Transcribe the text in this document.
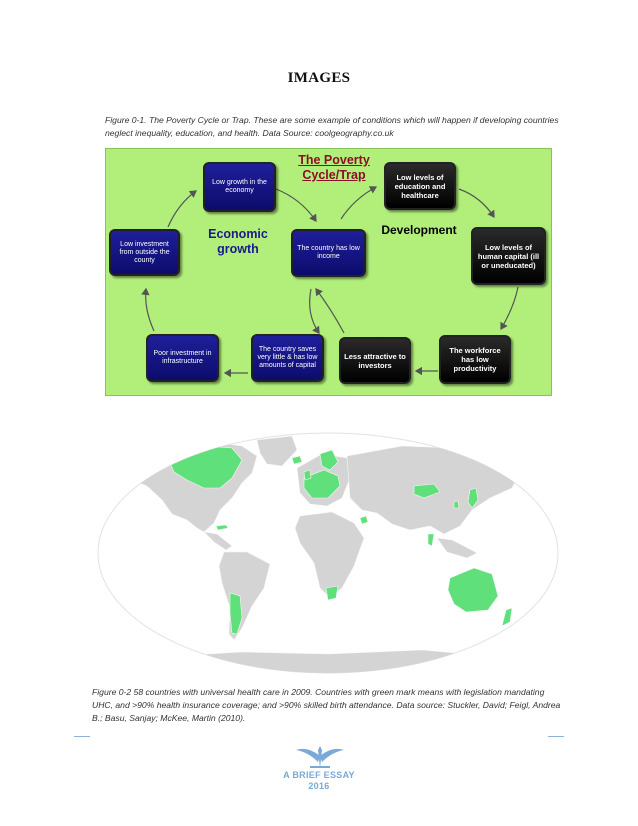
IMAGES
Figure 0-1. The Poverty Cycle or Trap. These are some example of conditions which will happen if developing countries neglect inequality, education, and health. Data Source: coolgeography.co.uk
The Poverty
Cycle/Trap
Economic
growth
Development
Low growth in the economy
The country has low income
Low investment from outside the county
Poor investment in infrastructure
The country saves very little & has low amounts of capital
Less attractive to investors
Low levels of education and healthcare
Low levels of human capital (ill or uneducated)
The workforce has low productivity
Figure 0-2 58 countries with universal health care in 2009. Countries with green mark means with legislation mandating UHC, and >90% health insurance coverage; and >90% skilled birth attendance. Data source: Stuckler, David; Feigl, Andrea B.; Basu, Sanjay; McKee, Martin (2010).
A BRIEF ESSAY
2016
